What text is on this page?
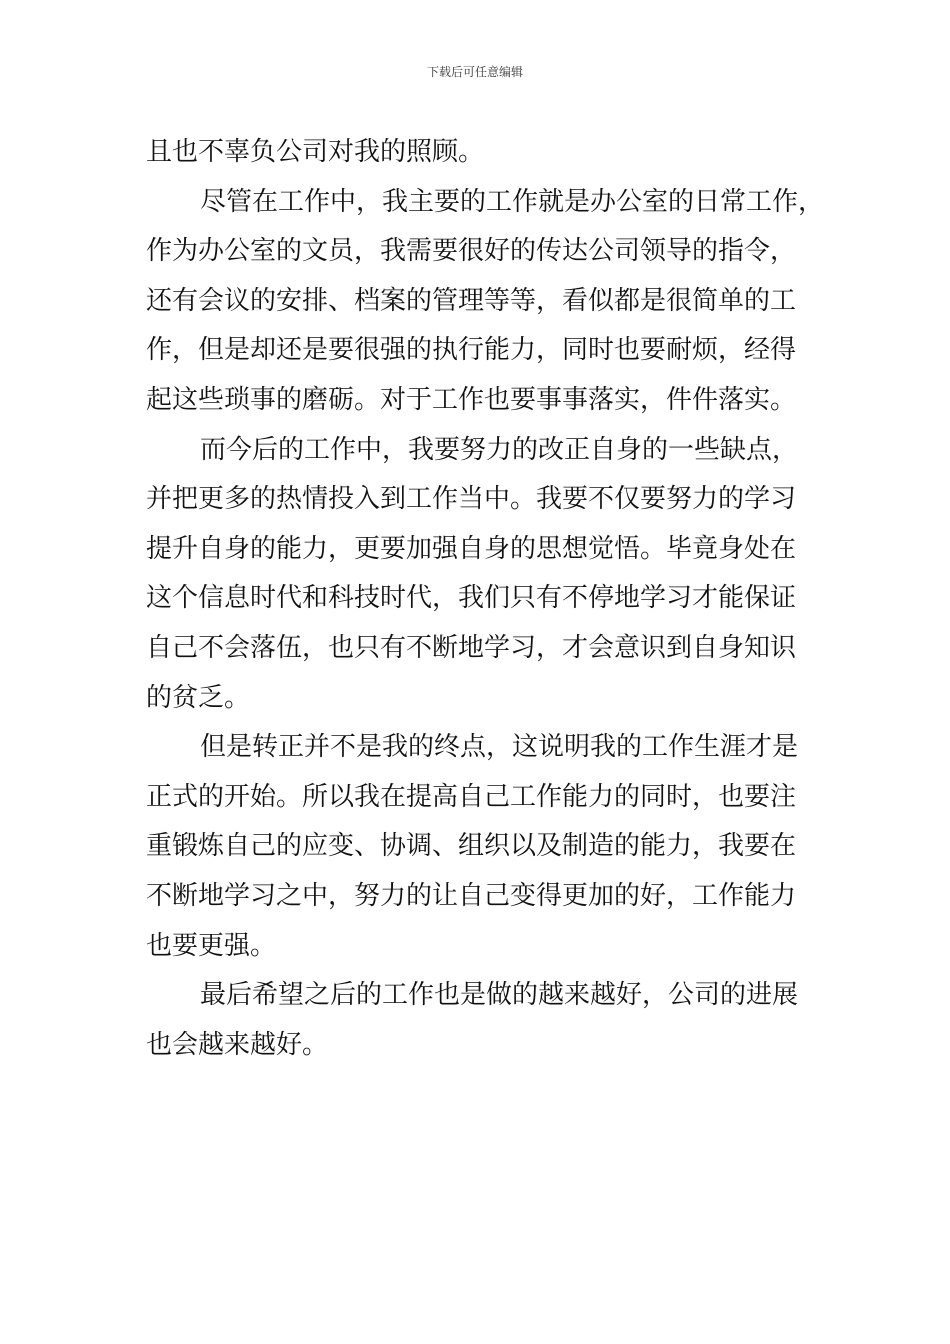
下载后可任意编辑
且也不辜负公司对我的照顾。
尽管在工作中，我主要的工作就是办公室的日常工作，
作为办公室的文员，我需要很好的传达公司领导的指令，
还有会议的安排、档案的管理等等，看似都是很简单的工
作，但是却还是要很强的执行能力，同时也要耐烦，经得
起这些琐事的磨砺。对于工作也要事事落实，件件落实。
而今后的工作中，我要努力的改正自身的一些缺点，
并把更多的热情投入到工作当中。我要不仅要努力的学习
提升自身的能力，更要加强自身的思想觉悟。毕竟身处在
这个信息时代和科技时代，我们只有不停地学习才能保证
自己不会落伍，也只有不断地学习，才会意识到自身知识
的贫乏。
但是转正并不是我的终点，这说明我的工作生涯才是
正式的开始。所以我在提高自己工作能力的同时，也要注
重锻炼自己的应变、协调、组织以及制造的能力，我要在
不断地学习之中，努力的让自己变得更加的好，工作能力
也要更强。
最后希望之后的工作也是做的越来越好，公司的进展
也会越来越好。
